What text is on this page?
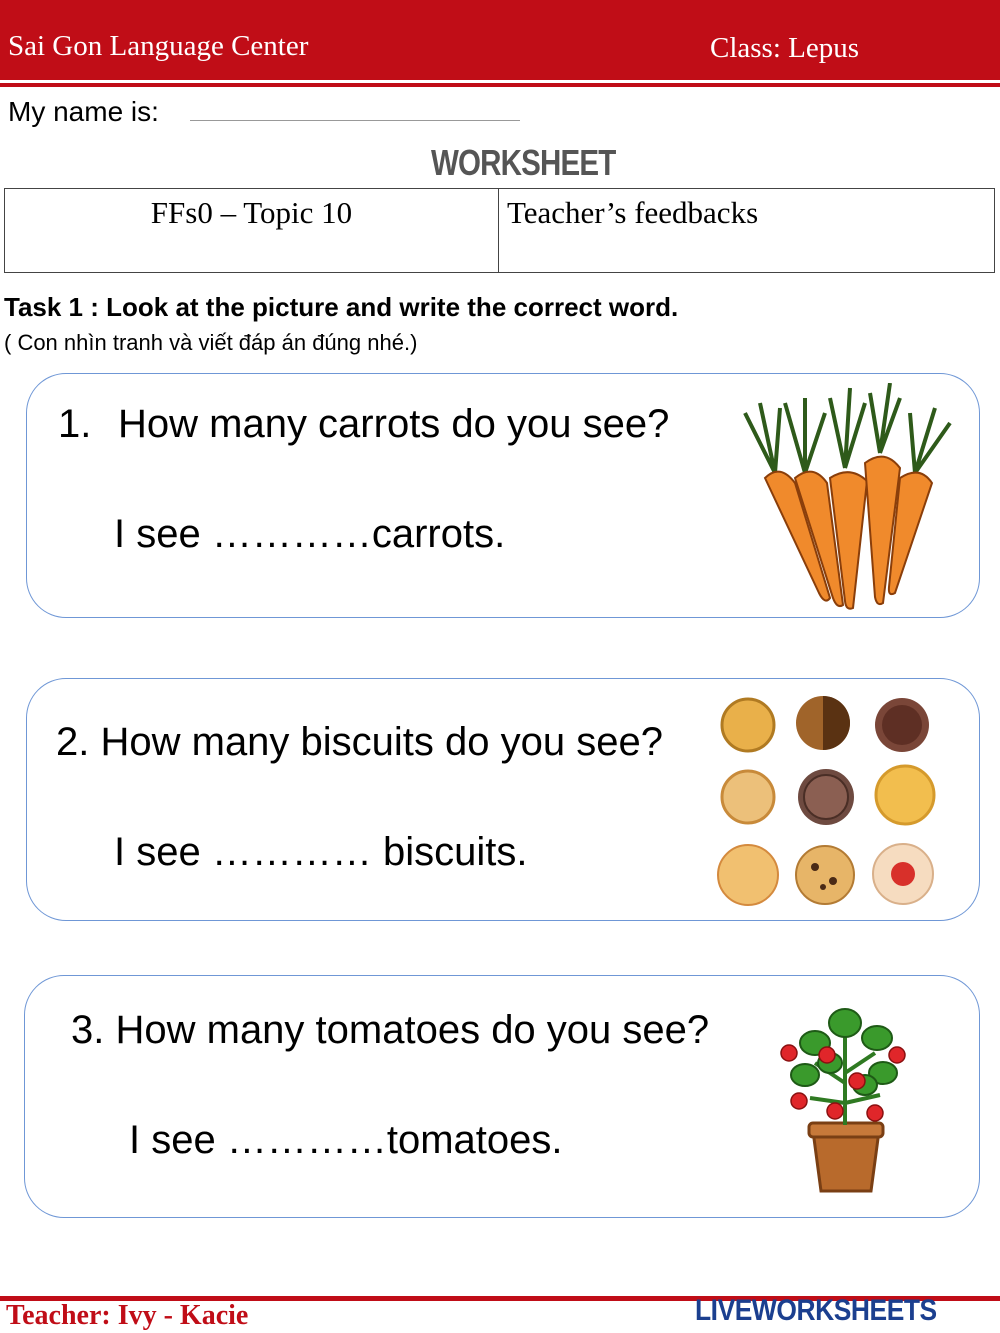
Sai Gon Language Center	Class: Lepus
My name is:
WORKSHEET
FFs0 – Topic 10	Teacher’s feedbacks
Task 1 : Look at the picture and write the correct word.
( Con nhìn tranh và viết đáp án đúng nhé.)
1. How many carrots do you see?
I see …………carrots.
2. How many biscuits do you see?
I see ………… biscuits.
3. How many tomatoes do you see?
I see …………tomatoes.
Teacher: Ivy - Kacie	LIVEWORKSHEETS
